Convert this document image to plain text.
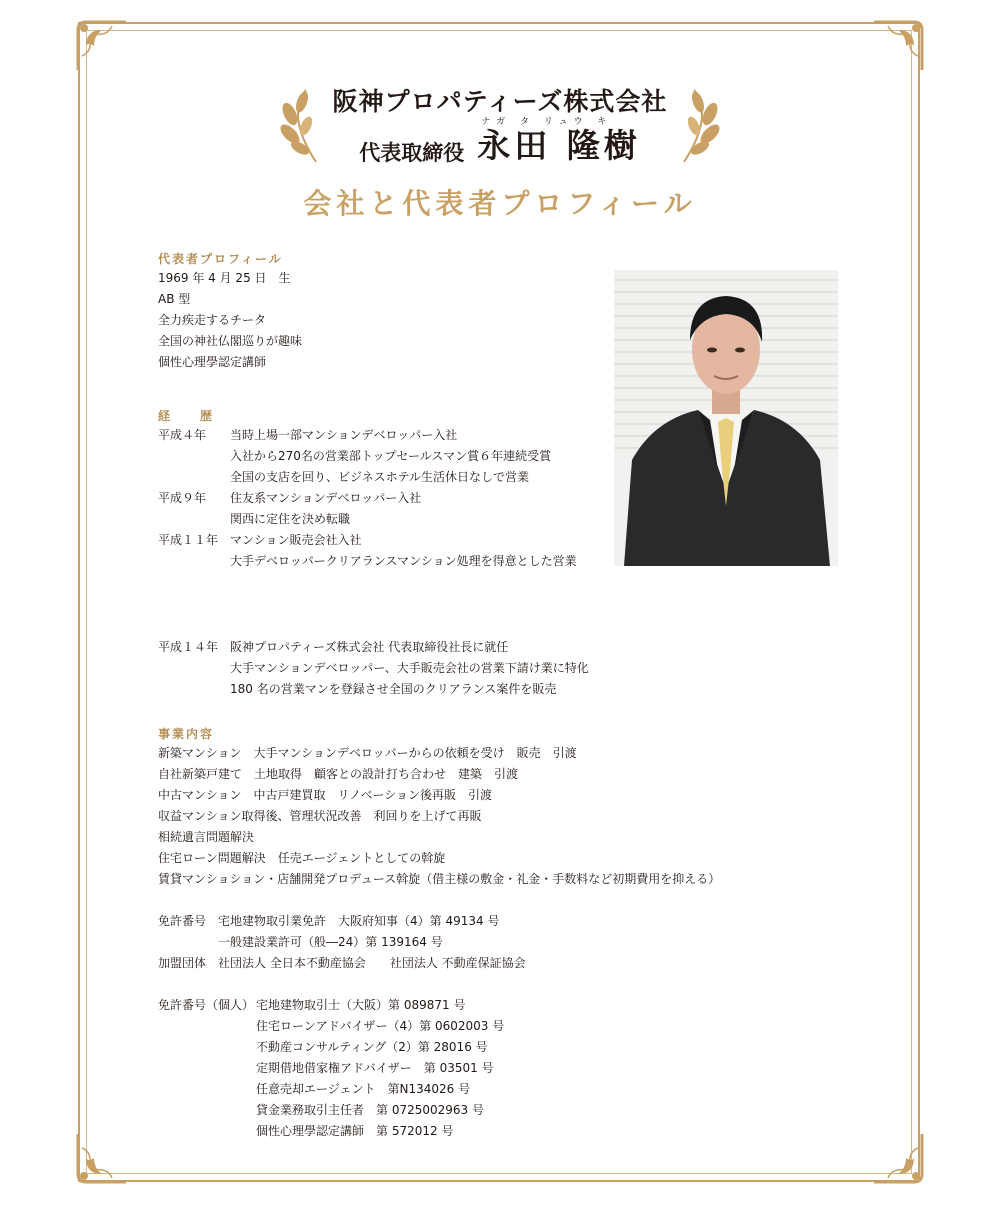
阪神プロパティーズ株式会社
代表取締役
ナガ タ リュウ キ
永田 隆樹
会社と代表者プロフィール
代表者プロフィール
1969 年 4 月 25 日　生
AB 型
全力疾走するチータ
全国の神社仏閣巡りが趣味
個性心理學認定講師
経　　歴
平成４年 当時上場一部マンションデベロッパー入社
入社から270名の営業部トップセールスマン賞６年連続受賞
全国の支店を回り、ビジネスホテル生活休日なしで営業
平成９年 住友系マンションデベロッパー入社
関西に定住を決め転職
平成１１年 マンション販売会社入社
大手デベロッパークリアランスマンション処理を得意とした営業
平成１４年 阪神プロパティーズ株式会社 代表取締役社長に就任
大手マンションデベロッパー、大手販売会社の営業下請け業に特化
180 名の営業マンを登録させ全国のクリアランス案件を販売
事業内容
新築マンション　大手マンションデベロッパーからの依頼を受け　販売　引渡
自社新築戸建て　土地取得　顧客との設計打ち合わせ　建築　引渡
中古マンション　中古戸建買取　リノベーション後再販　引渡
収益マンション取得後、管理状況改善　利回りを上げて再販
相続遺言問題解決
住宅ローン問題解決　任売エージェントとしての斡旋
賃貸マンショション・店舗開発プロデュース斡旋（借主様の敷金・礼金・手数料など初期費用を抑える）
免許番号 宅地建物取引業免許　大阪府知事（4）第 49134 号
一般建設業許可（般―24）第 139164 号
加盟団体 社団法人 全日本不動産協会　　社団法人 不動産保証協会
免許番号（個人） 宅地建物取引士（大阪）第 089871 号
住宅ローンアドバイザー（4）第 0602003 号
不動産コンサルティング（2）第 28016 号
定期借地借家権アドバイザー　第 03501 号
任意売却エージェント　第N134026 号
貸金業務取引主任者　第 0725002963 号
個性心理學認定講師　第 572012 号
